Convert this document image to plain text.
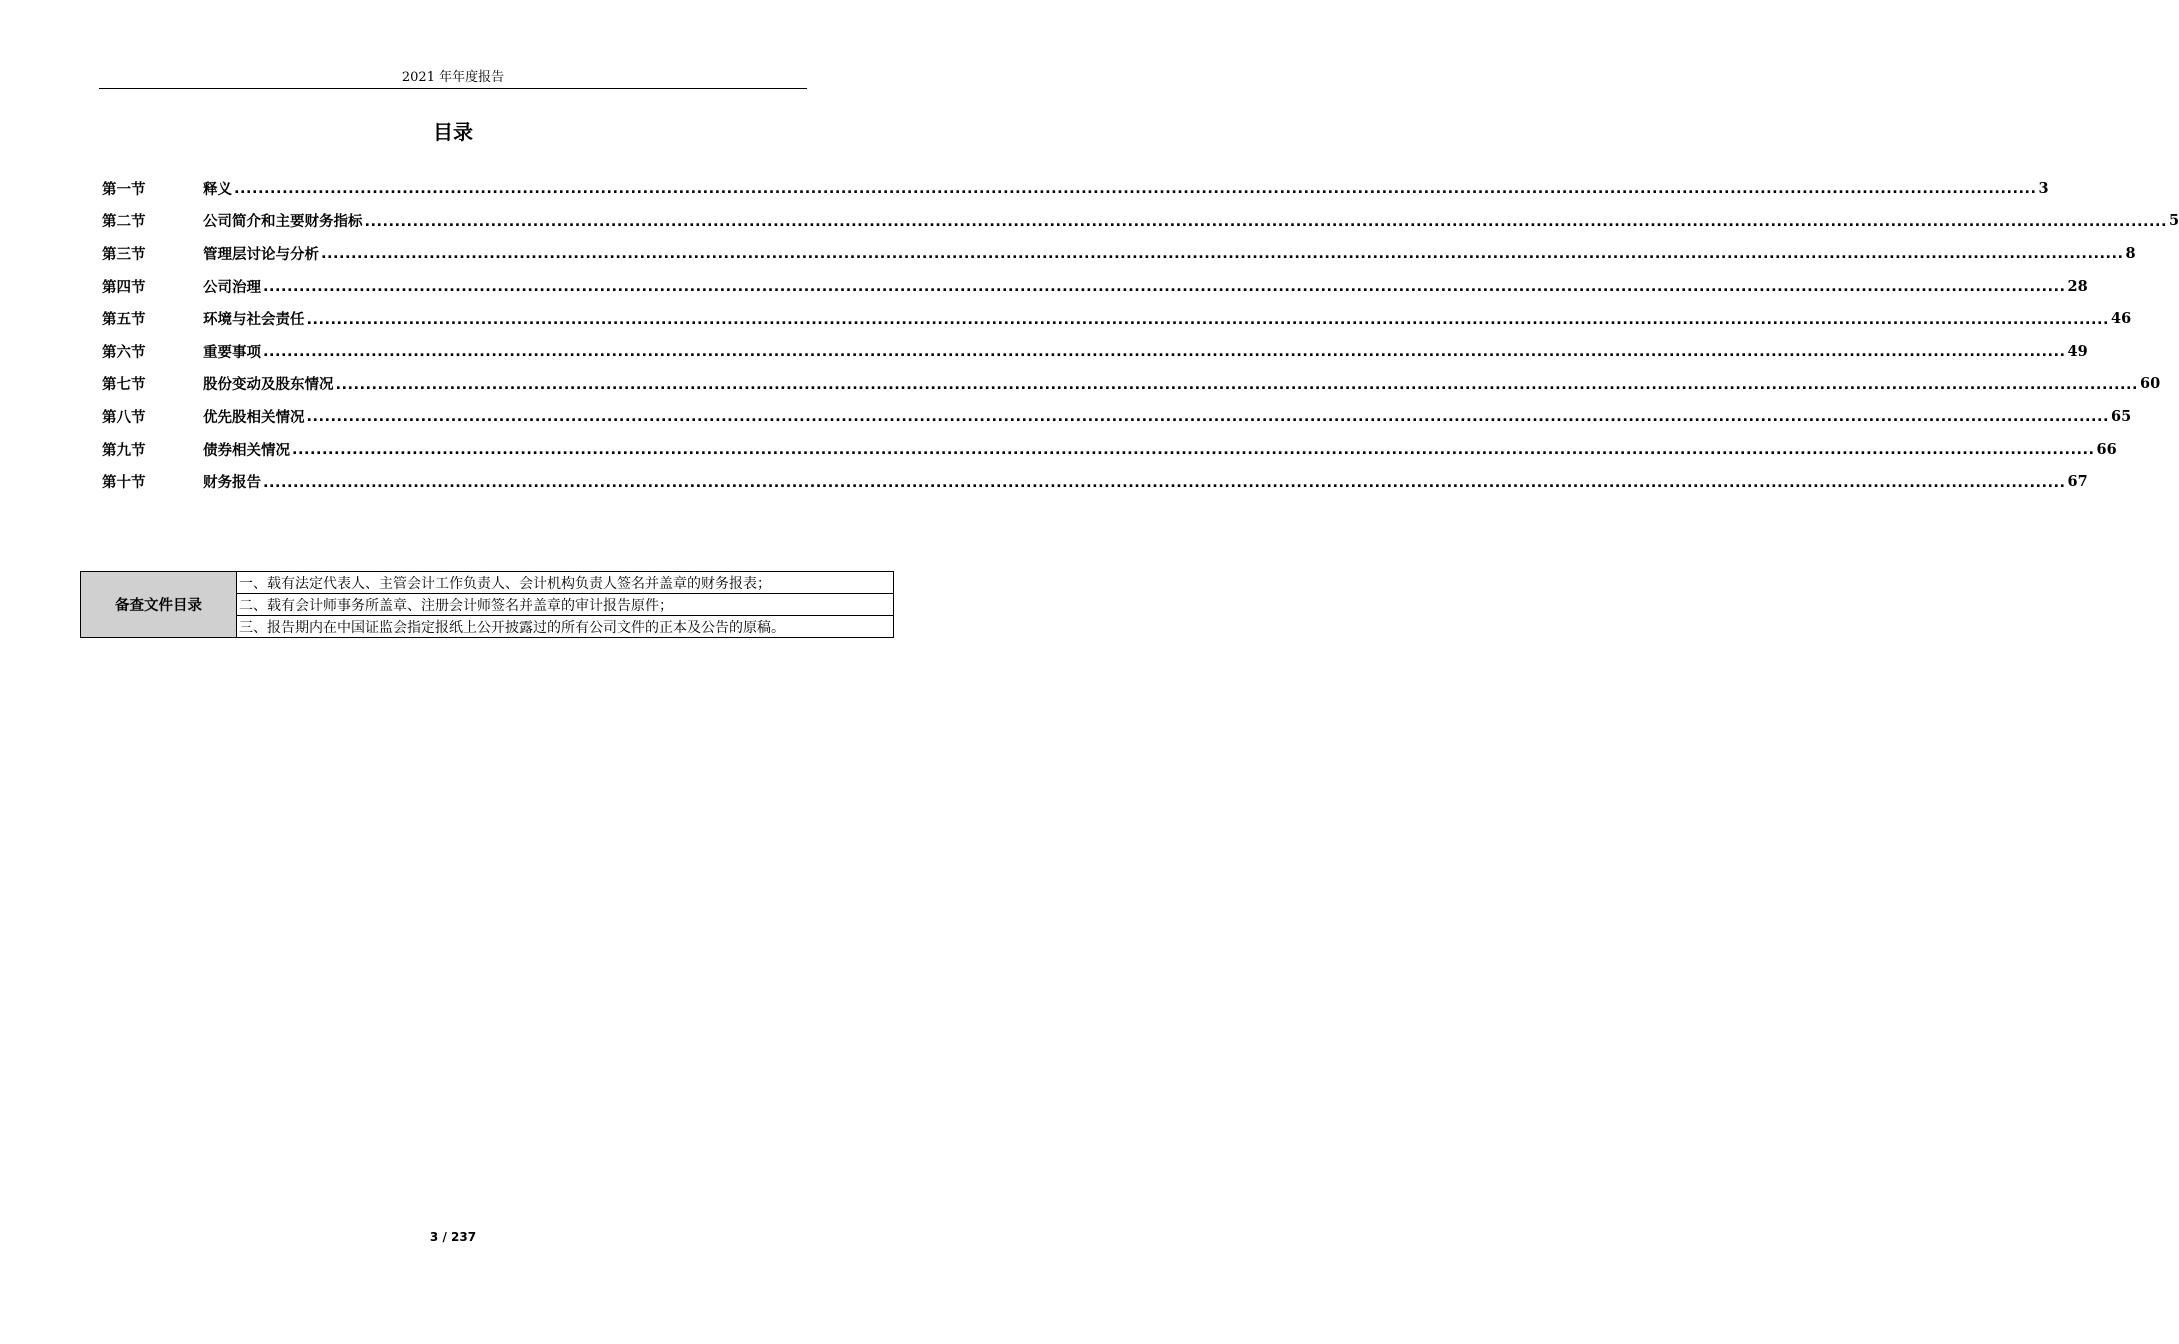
2021 年年度报告
目录
第一节	释义 ............................................................................................................................................................................................................................................................................................................ 3
第二节	公司简介和主要财务指标 ............................................................................................................................................................................................................................................................................................................ 5
第三节	管理层讨论与分析 ............................................................................................................................................................................................................................................................................................................ 8
第四节	公司治理 ............................................................................................................................................................................................................................................................................................................ 28
第五节	环境与社会责任 ............................................................................................................................................................................................................................................................................................................ 46
第六节	重要事项 ............................................................................................................................................................................................................................................................................................................ 49
第七节	股份变动及股东情况 ............................................................................................................................................................................................................................................................................................................ 60
第八节	优先股相关情况 ............................................................................................................................................................................................................................................................................................................ 65
第九节	债券相关情况 ............................................................................................................................................................................................................................................................................................................ 66
第十节	财务报告 ............................................................................................................................................................................................................................................................................................................ 67
备查文件目录	一、载有法定代表人、主管会计工作负责人、会计机构负责人签名并盖章的财务报表；
二、载有会计师事务所盖章、注册会计师签名并盖章的审计报告原件；
三、报告期内在中国证监会指定报纸上公开披露过的所有公司文件的正本及公告的原稿。
3 / 237
